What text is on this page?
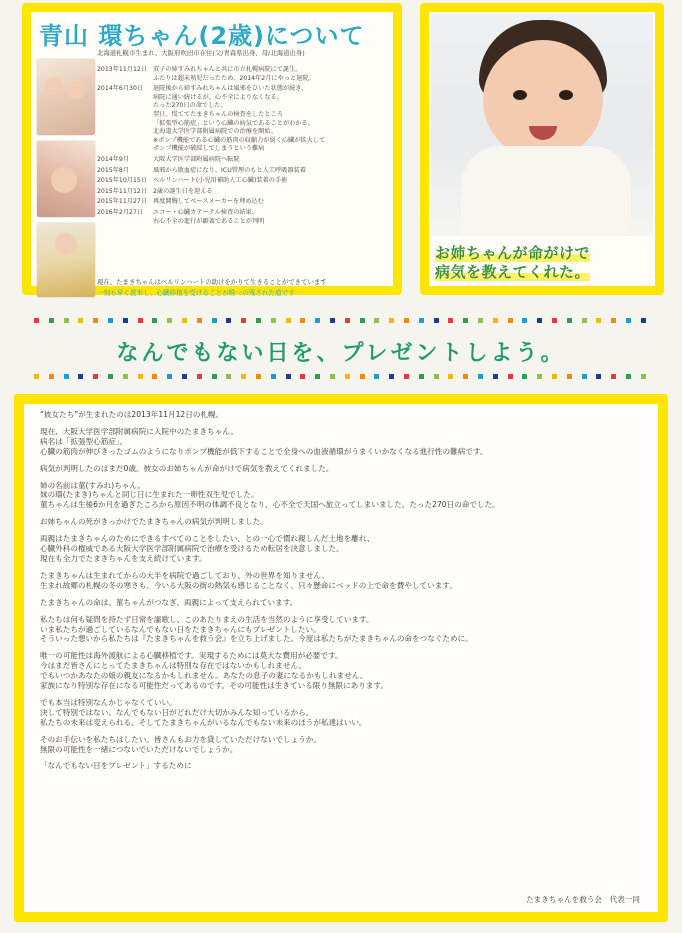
青山 環ちゃん(2歳)について
北海道札幌市生まれ、大阪府吹田市在住(父/青森県出身、母/北海道出身)
2013年11月12日 双子の姉すみれちゃんと共に市立札幌病院にて誕生。
ふたりは超未熟児だったため、2014年2月にやっと退院。
2014年6月30日	退院後から姉すみれちゃんは風邪をひいた状態が続き、
病院に通い続けるが、心不全によりなくなる。
たった270日の命でした。
翌日、慌ててたまきちゃんの検査をしたところ
「拡張型心筋症」という心臓の病気であることがわかる。
北海道大学医学部附属病院での治療を開始。
※ポンプ機能である心臓の筋肉の収縮力が弱く心臓が拡大して
ポンプ機能が破綻してしまうという難病
2014年9月	大阪大学医学部附属病院へ転院
2015年8月	風邪から敗血症になり、ICU管理のもと人工呼吸器装着
2015年10月15日 ベルリンハート(小児用補助人工心臓)装着の手術
2015年11月12日 2歳の誕生日を迎える
2015年11月27日 再度開胸してペースメーカーを埋め込む
2016年2月27日	エコー・心臓カテーテル検査の結果、
右心不全の進行が顕著であることが判明
現在、たまきちゃんはベルリンハートの助けをかりて生きることができています
一刻も早く渡米し、心臓移植を受けることが唯一の残された道です
お姉ちゃんが命がけで
病気を教えてくれた。
なんでもない日を、プレゼントしよう。

“彼女たち”が生まれたのは2013年11月12日の札幌。

現在、大阪大学医学部附属病院に入院中のたまきちゃん。
病名は「拡張型心筋症」。
心臓の筋肉が伸びきったゴムのようになりポンプ機能が低下することで全身への血液循環がうまくいかなくなる進行性の難病です。

病気が判明したのはまだ0歳。彼女のお姉ちゃんが命がけで病気を教えてくれました。

姉の名前は菫(すみれ)ちゃん。
妹の環(たまき)ちゃんと同じ日に生まれた一卵性双生児でした。
菫ちゃんは生後6か月を過ぎたころから原因不明の体調不良となり、心不全で天国へ旅立ってしまいました。たった270日の命でした。

お姉ちゃんの死がきっかけでたまきちゃんの病気が判明しました。

両親はたまきちゃんのためにできるすべてのことをしたい、との一心で慣れ親しんだ土地を離れ、
心臓外科の権威である大阪大学医学部附属病院で治療を受けるため転居を決意しました。
現在も全力でたまきちゃんを支え続けています。

たまきちゃんは生まれてからの大半を病院で過ごしており、外の世界を知りません。
生まれ故郷の札幌の冬の寒さも、今いる大阪の街の熱気も感じることなく、只々懸命にベッドの上で命を費やしています。

たまきちゃんの命は、菫ちゃんがつなぎ、両親によって支えられています。

私たちは何も疑問を持たず日常を謳歌し、このあたりまえの生活を当然のように享受しています。
いま私たちが過ごしているなんでもない日をたまきちゃんにもプレゼントしたい。
そういった想いから私たちは『たまきちゃんを救う会』を立ち上げました。今度は私たちがたまきちゃんの命をつなぐために。

唯一の可能性は海外渡航による心臓移植です。実現するためには莫大な費用が必要です。
今はまだ皆さんにとってたまきちゃんは特別な存在ではないかもしれません。
でもいつかあなたの娘の親友になるかもしれません。あなたの息子の妻になるかもしれません。
家族になり特別な存在になる可能性だってあるのです。その可能性は生きている限り無限にあります。

でも本当は特別なんかじゃなくていい。
決して特別ではない、なんでもない日がどれだけ大切かみんな知っているから。
私たちの未来は変えられる。そしてたまきちゃんがいるなんでもない未来のほうが私達はいい。

そのお手伝いを私たちはしたい。皆さんもお力を貸していただけないでしょうか。
無限の可能性を一緒につないでいただけないでしょうか。

「なんでもない日をプレゼント」するために

たまきちゃんを救う会　代表一同
